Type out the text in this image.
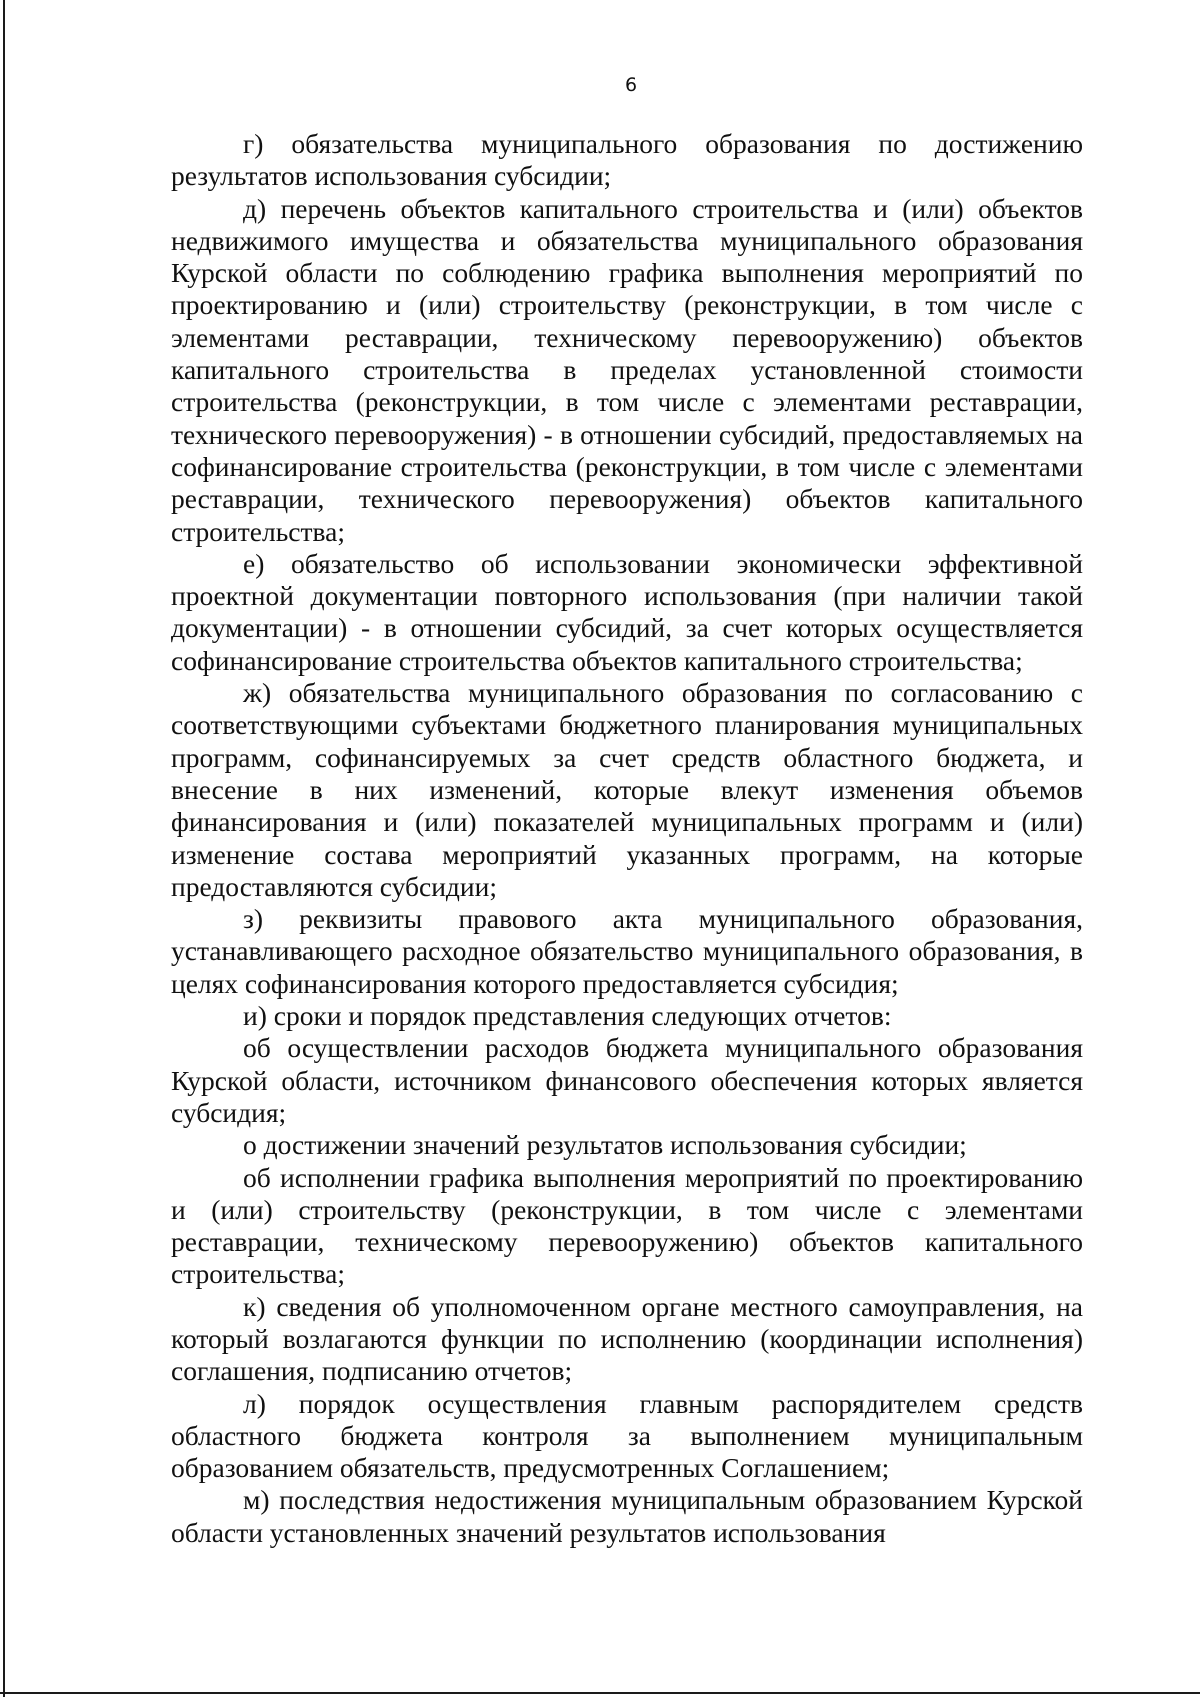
6

г) обязательства муниципального образования по достижению результатов использования субсидии;

д) перечень объектов капитального строительства и (или) объектов недвижимого имущества и обязательства муниципального образования Курской области по соблюдению графика выполнения мероприятий по проектированию и (или) строительству (реконструкции, в том числе с элементами реставрации, техническому перевооружению) объектов капитального строительства в пределах установленной стоимости строительства (реконструкции, в том числе с элементами реставрации, технического перевооружения) - в отношении субсидий, предоставляемых на софинансирование строительства (реконструкции, в том числе с элементами реставрации, технического перевооружения) объектов капитального строительства;

е) обязательство об использовании экономически эффективной проектной документации повторного использования (при наличии такой документации) - в отношении субсидий, за счет которых осуществляется софинансирование строительства объектов капитального строительства;

ж) обязательства муниципального образования по согласованию с соответствующими субъектами бюджетного планирования муниципальных программ, софинансируемых за счет средств областного бюджета, и внесение в них изменений, которые влекут изменения объемов финансирования и (или) показателей муниципальных программ и (или) изменение состава мероприятий указанных программ, на которые предоставляются субсидии;

з) реквизиты правового акта муниципального образования, устанавливающего расходное обязательство муниципального образования, в целях софинансирования которого предоставляется субсидия;

и) сроки и порядок представления следующих отчетов:

об осуществлении расходов бюджета муниципального образования Курской области, источником финансового обеспечения которых является субсидия;

о достижении значений результатов использования субсидии;

об исполнении графика выполнения мероприятий по проектированию и (или) строительству (реконструкции, в том числе с элементами реставрации, техническому перевооружению) объектов капитального строительства;

к) сведения об уполномоченном органе местного самоуправления, на который возлагаются функции по исполнению (координации исполнения) соглашения, подписанию отчетов;

л) порядок осуществления главным распорядителем средств областного бюджета контроля за выполнением муниципальным образованием обязательств, предусмотренных Соглашением;

м) последствия недостижения муниципальным образованием Курской области установленных значений результатов использования
